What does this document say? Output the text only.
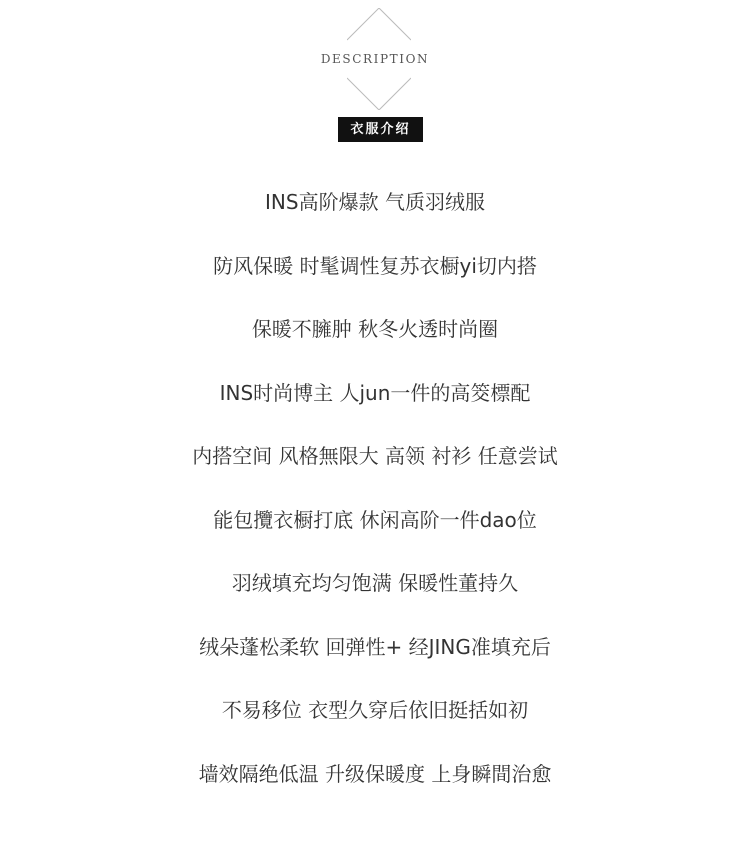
DESCRIPTION
衣服介绍
INS高阶爆款 气质羽绒服
防风保暖 时髦调性复苏衣橱yi切内搭
保暖不臃肿 秋冬火透时尚圈
INS时尚博主 人jun一件的高筊標配
内搭空间 风格無限大 高领 衬衫 任意尝试
能包攬衣橱打底 休闲高阶一件dao位
羽绒填充均匀饱满 保暖性董持久
绒朵蓬松柔软 回弹性+ 经JING准填充后
不易移位 衣型久穿后依旧挺括如初
墙效隔绝低温 升级保暖度 上身瞬間治愈
